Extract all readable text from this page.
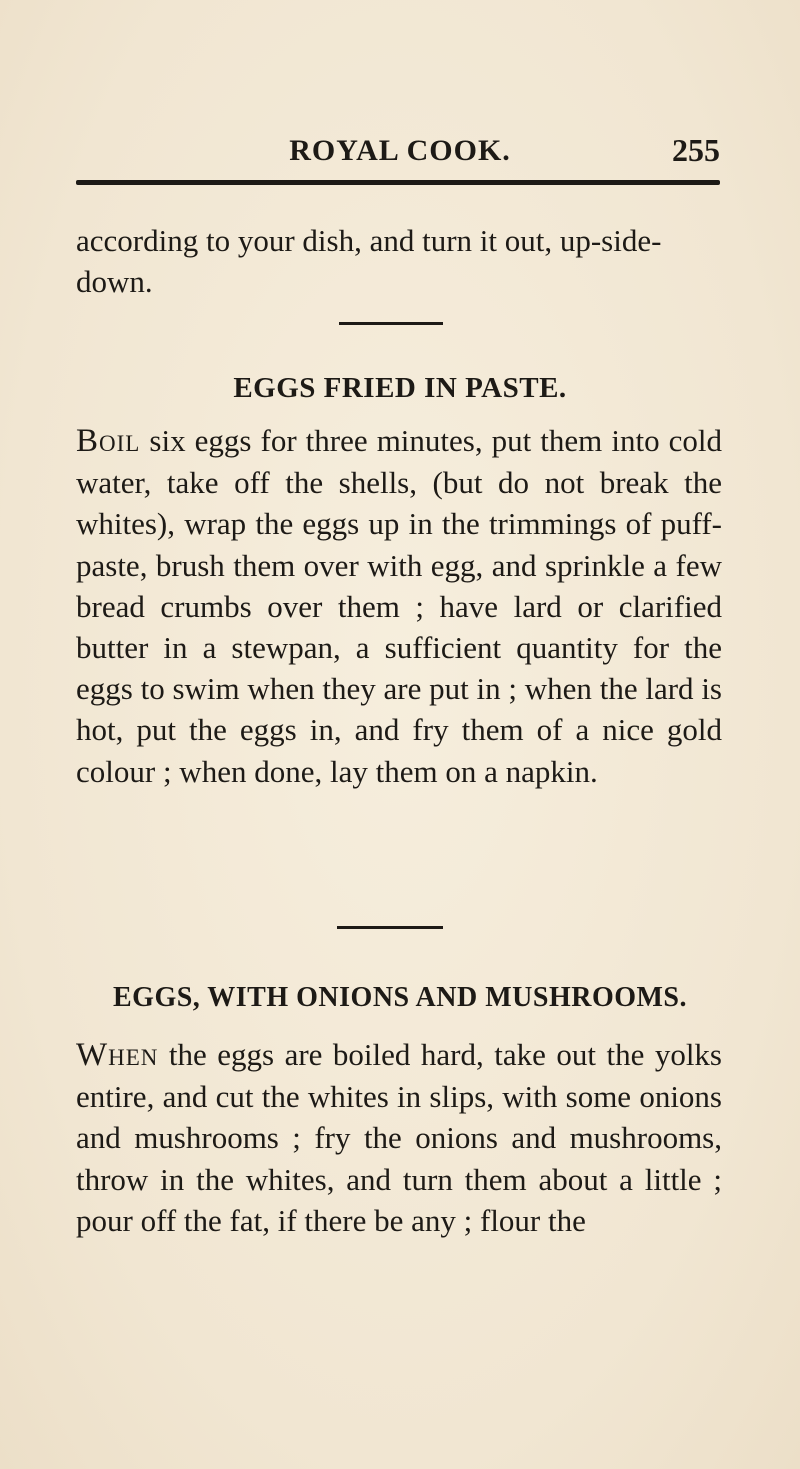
ROYAL COOK.	255

according to your dish, and turn it out, up-side-down.

EGGS FRIED IN PASTE.

Boil six eggs for three minutes, put them into cold water, take off the shells, (but do not break the whites), wrap the eggs up in the trimmings of puff-paste, brush them over with egg, and sprinkle a few bread crumbs over them ; have lard or clarified butter in a stewpan, a sufficient quantity for the eggs to swim when they are put in ; when the lard is hot, put the eggs in, and fry them of a nice gold colour ; when done, lay them on a napkin.

EGGS, WITH ONIONS AND MUSHROOMS.

When the eggs are boiled hard, take out the yolks entire, and cut the whites in slips, with some onions and mushrooms ; fry the onions and mushrooms, throw in the whites, and turn them about a little ; pour off the fat, if there be any ; flour the
